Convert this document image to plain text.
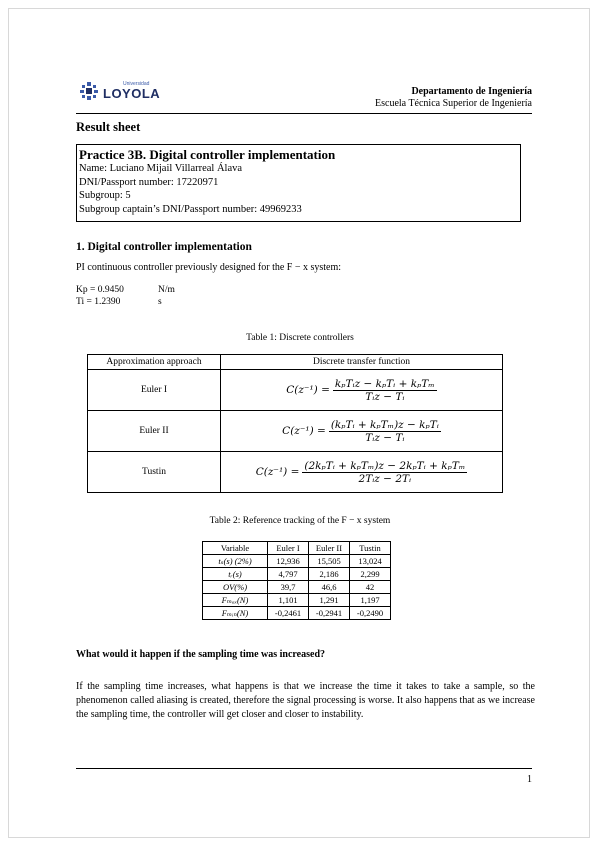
Universidad
LOYOLA	Departamento de Ingeniería
Escuela Técnica Superior de Ingeniería
Result sheet
Practice 3B. Digital controller implementation
Name: Luciano Mijail Villarreal Álava
DNI/Passport number: 17220971
Subgroup: 5
Subgroup captain’s DNI/Passport number: 49969233
1. Digital controller implementation
PI continuous controller previously designed for the F − x system:
Kp = 0.9450	N/m
Ti = 1.2390	s
Table 1: Discrete controllers
Approximation approach	Discrete transfer function
Euler I	$C(z^{-1}) = \frac{\text{kₚTᵢz − kₚTᵢ + kₚTₘ}}{\text{Tᵢz − Tᵢ}}$

Euler II	$C(z^{-1}) = \frac{\text{(kₚTᵢ + kₚTₘ)z − kₚTᵢ}}{\text{Tᵢz − Tᵢ}}$

Tustin	$C(z^{-1}) = \frac{\text{(2kₚTᵢ + kₚTₘ)z − 2kₚTᵢ + kₚTₘ}}{\text{2Tᵢz − 2Tᵢ}}$
Table 2: Reference tracking of the F − x system
Variable	Euler I	Euler II	Tustin
tₛ(s) (2%)	12,936	15,505	13,024
tᵣ(s)	4,797	2,186	2,299
OV(%)	39,7	46,6	42
Fₘₐₓ(N)	1,101	1,291	1,197
Fₘᵢₙ(N)	-0,2461	-0,2941	-0,2490
What would it happen if the sampling time was increased?
If the sampling time increases, what happens is that we increase the time it takes to take a sample, so the phenomenon called aliasing is created, therefore the signal processing is worse. It also happens that as we increase the sampling time, the controller will get closer and closer to instability.
1
